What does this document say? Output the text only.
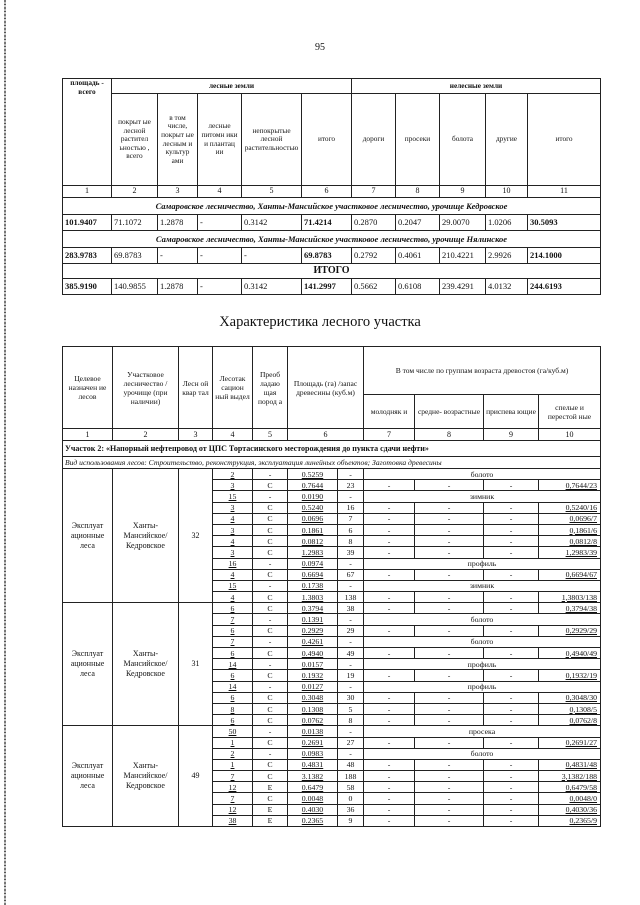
95
площадь - всего	лесные земли					нелесные земли				
	покрыт ые лесной растител ьностью , всего	в том числе, покрыт ые лесным и культур ами	лесные питомн ики и плантац ии	непокрытые лесной растительностью	итого	дороги	просеки	болота	другие	итого
1	2	3	4	5	6	7	8	9	10	11
Самаровское лесничество, Ханты-Мансийское участковое лесничество, урочище Кедровское										
101.9407	71.1072	1.2878	-	0.3142	71.4214	0.2870	0.2047	29.0070	1.0206	30.5093
Самаровское лесничество, Ханты-Мансийское участковое лесничество, урочище Нялинское										
283.9783	69.8783	-	-	-	69.8783	0.2792	0.4061	210.4221	2.9926	214.1000
ИТОГО										
385.9190	140.9855	1.2878	-	0.3142	141.2997	0.5662	0.6108	239.4291	4.0132	244.6193
Характеристика лесного участка
Целевое назначен ие лесов	Участковое лесничество /урочище (при наличии)	Лесн ой квар тал	Лесотак сацион ный выдел	Преоб ладаю щая пород а	Площадь (га) /запас древесины (куб.м)		В том числе по группам возраста древостоя (га/куб.м)			
							молодняк и	средне- возрастные	приспева ющие	спелые и перестой ные
1	2	3	4	5	6		7	8	9	10
Участок 2: «Напорный нефтепровод от ЦПС Тортасинского месторождения до пункта сдачи нефти»										
Вид использования лесов: Строительство, реконструкция, эксплуатация линейных объектов; Заготовка древесины										
Эксплуат ационные леса	Ханты- Мансийское/ Кедровское	32	2	-	0.5259	-	болото			
			3	С	0.7644	23	-	-	-	0,7644/23
			15	-	0.0190	-	зимник			
			3	С	0.5240	16	-	-	-	0,5240/16
			4	С	0.0696	7	-	-	-	0,0696/7
			3	С	0.1861	6	-	-	-	0,1861/6
			4	С	0.0812	8	-	-	-	0,0812/8
			3	С	1.2983	39	-	-	-	1,2983/39
			16	-	0.0974	-	профиль			
			4	С	0.6694	67	-	-	-	0,6694/67
			15	-	0.1738	-	зимник			
			4	С	1.3803	138	-	-	-	1,3803/138
Эксплуат ационные леса	Ханты- Мансийское/ Кедровское	31	6	С	0.3794	38	-	-	-	0,3794/38
			7	-	0.1391	-	болото			
			6	С	0.2929	29	-	-	-	0,2929/29
			7	-	0.4261	-	болото			
			6	С	0.4940	49	-	-	-	0,4940/49
			14	-	0.0157	-	профиль			
			6	С	0.1932	19	-	-	-	0,1932/19
			14	-	0.0127	-	профиль			
			6	С	0.3048	30	-	-	-	0,3048/30
			8	С	0.1308	5	-	-	-	0,1308/5
			6	С	0.0762	8	-	-	-	0,0762/8
Эксплуат ационные леса	Ханты- Мансийское/ Кедровское	49	50	-	0.0138	-	просека			
			1	С	0.2691	27	-	-	-	0,2691/27
			2	-	0.0983	-	болото			
			1	С	0.4831	48	-	-	-	0,4831/48
			7	С	3.1382	188	-	-	-	3,1382/188
			12	Е	0.6479	58	-	-	-	0,6479/58
			7	С	0.0048	0	-	-	-	0,0048/0
			12	Е	0.4030	36	-	-	-	0,4030/36
			38	Е	0.2365	9	-	-	-	0,2365/9
